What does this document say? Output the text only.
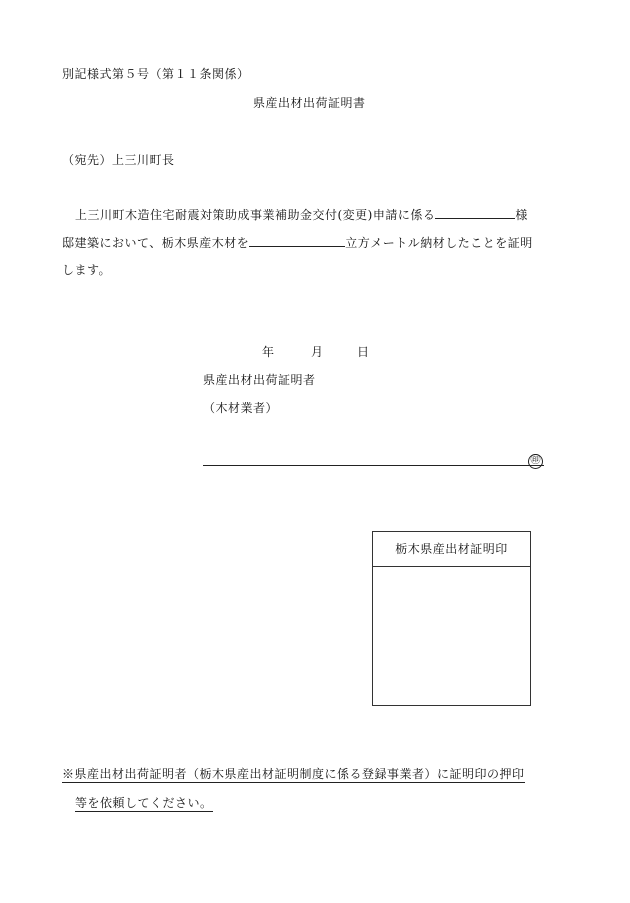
別記様式第５号（第１１条関係）
県産出材出荷証明書
（宛先）上三川町長
上三川町木造住宅耐震対策助成事業補助金交付(変更)申請に係る	様
邸建築において、栃木県産木材を	立方メートル納材したことを証明
します。
年	月	日
県産出材出荷証明者
（木材業者）
㊞
栃木県産出材証明印
※県産出材出荷証明者（栃木県産出材証明制度に係る登録事業者）に証明印の押印
等を依頼してください。
